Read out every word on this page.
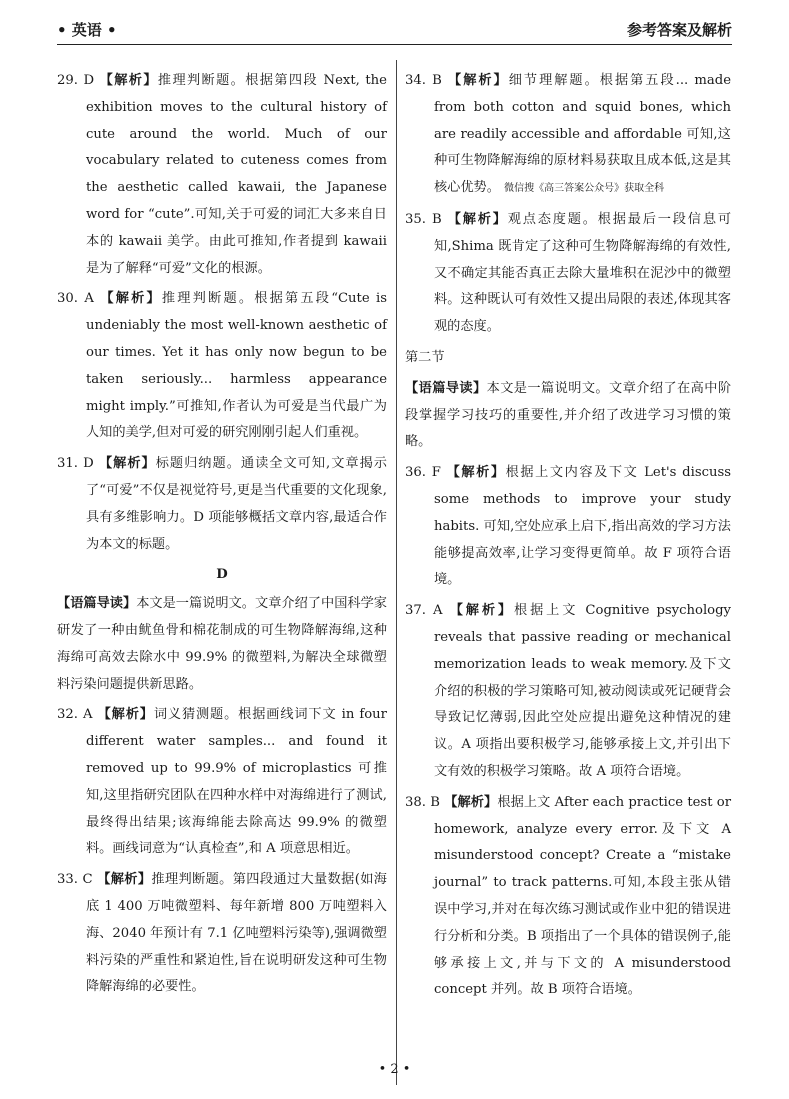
• 英语 •	参考答案及解析

29. D 【解析】推理判断题。根据第四段 Next, the exhibition moves to the cultural history of cute around the world. Much of our vocabulary related to cuteness comes from the aesthetic called kawaii, the Japanese word for “cute”.可知,关于可爱的词汇大多来自日本的 kawaii 美学。由此可推知,作者提到 kawaii 是为了解释“可爱”文化的根源。

30. A 【解析】推理判断题。根据第五段“Cute is undeniably the most well-known aesthetic of our times. Yet it has only now begun to be taken seriously... harmless appearance might imply.”可推知,作者认为可爱是当代最广为人知的美学,但对可爱的研究刚刚引起人们重视。

31. D 【解析】标题归纳题。通读全文可知,文章揭示了“可爱”不仅是视觉符号,更是当代重要的文化现象,具有多维影响力。D 项能够概括文章内容,最适合作为本文的标题。

D

【语篇导读】本文是一篇说明文。文章介绍了中国科学家研发了一种由鱿鱼骨和棉花制成的可生物降解海绵,这种海绵可高效去除水中 99.9% 的微塑料,为解决全球微塑料污染问题提供新思路。

32. A 【解析】词义猜测题。根据画线词下文 in four different water samples... and found it removed up to 99.9% of microplastics 可推知,这里指研究团队在四种水样中对海绵进行了测试,最终得出结果;该海绵能去除高达 99.9% 的微塑料。画线词意为“认真检查”,和 A 项意思相近。

33. C 【解析】推理判断题。第四段通过大量数据(如海底 1 400 万吨微塑料、每年新增 800 万吨塑料入海、2040 年预计有 7.1 亿吨塑料污染等),强调微塑料污染的严重性和紧迫性,旨在说明研发这种可生物降解海绵的必要性。

34. B 【解析】细节理解题。根据第五段... made from both cotton and squid bones, which are readily accessible and affordable 可知,这种可生物降解海绵的原材料易获取且成本低,这是其核心优势。 微信搜《高三答案公众号》获取全科

35. B 【解析】观点态度题。根据最后一段信息可知,Shima 既肯定了这种可生物降解海绵的有效性,又不确定其能否真正去除大量堆积在泥沙中的微塑料。这种既认可有效性又提出局限的表述,体现其客观的态度。

第二节

【语篇导读】本文是一篇说明文。文章介绍了在高中阶段掌握学习技巧的重要性,并介绍了改进学习习惯的策略。

36. F 【解析】根据上文内容及下文 Let's discuss some methods to improve your study habits. 可知,空处应承上启下,指出高效的学习方法能够提高效率,让学习变得更简单。故 F 项符合语境。

37. A 【解析】根据上文 Cognitive psychology reveals that passive reading or mechanical memorization leads to weak memory.及下文介绍的积极的学习策略可知,被动阅读或死记硬背会导致记忆薄弱,因此空处应提出避免这种情况的建议。A 项指出要积极学习,能够承接上文,并引出下文有效的积极学习策略。故 A 项符合语境。

38. B 【解析】根据上文 After each practice test or homework, analyze every error.及下文 A misunderstood concept? Create a “mistake journal” to track patterns.可知,本段主张从错误中学习,并对在每次练习测试或作业中犯的错误进行分析和分类。B 项指出了一个具体的错误例子,能够承接上文,并与下文的 A misunderstood concept 并列。故 B 项符合语境。

• 2 •
